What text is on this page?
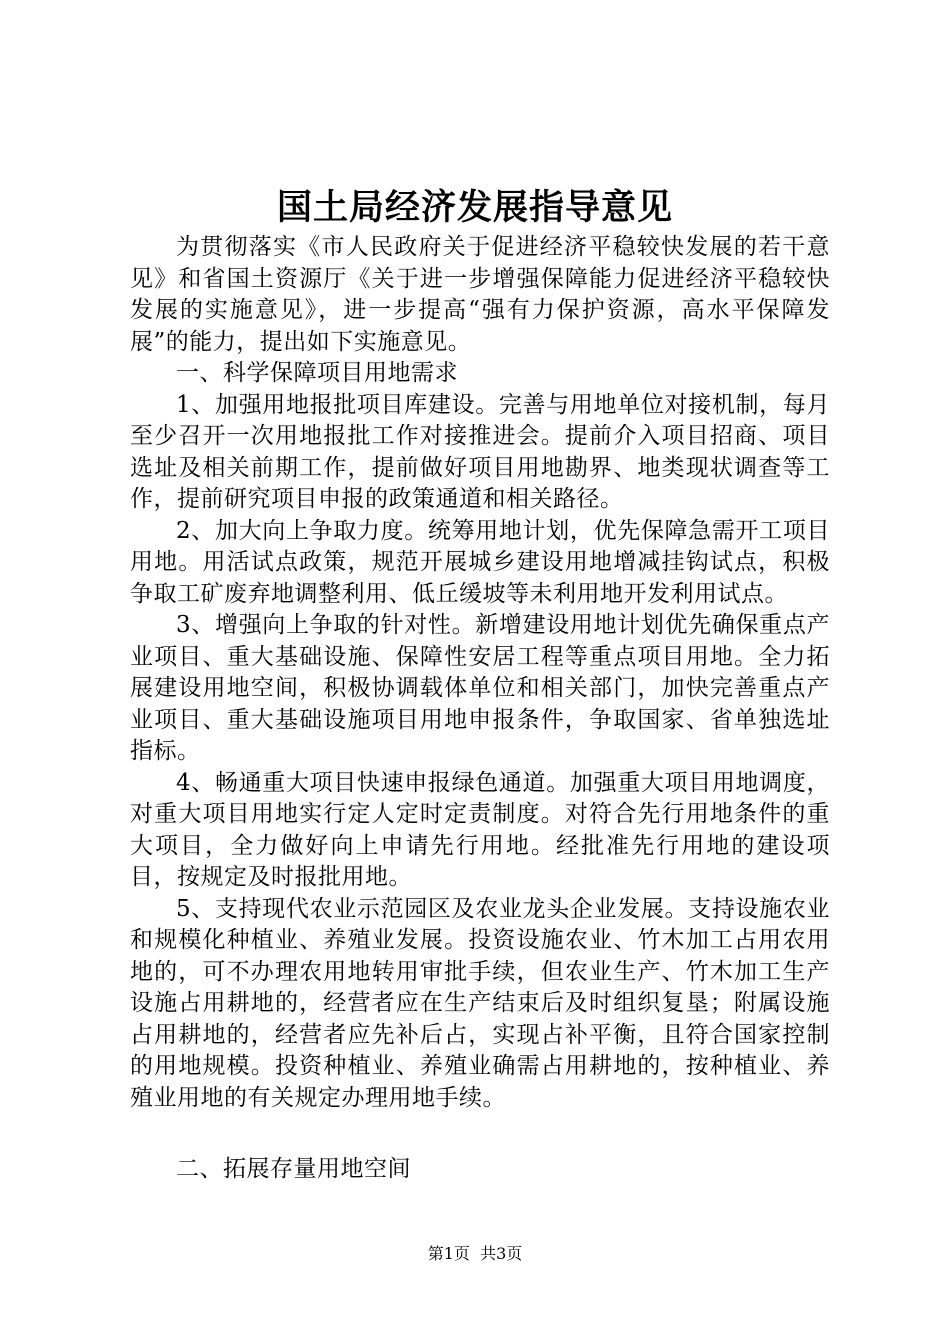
国土局经济发展指导意见

为贯彻落实《市人民政府关于促进经济平稳较快发展的若干意见》和省国土资源厅《关于进一步增强保障能力促进经济平稳较快发展的实施意见》，进一步提高“强有力保护资源，高水平保障发展”的能力，提出如下实施意见。

一、科学保障项目用地需求

1、加强用地报批项目库建设。完善与用地单位对接机制，每月至少召开一次用地报批工作对接推进会。提前介入项目招商、项目选址及相关前期工作，提前做好项目用地勘界、地类现状调查等工作，提前研究项目申报的政策通道和相关路径。

2、加大向上争取力度。统筹用地计划，优先保障急需开工项目用地。用活试点政策，规范开展城乡建设用地增减挂钩试点，积极争取工矿废弃地调整利用、低丘缓坡等未利用地开发利用试点。

3、增强向上争取的针对性。新增建设用地计划优先确保重点产业项目、重大基础设施、保障性安居工程等重点项目用地。全力拓展建设用地空间，积极协调载体单位和相关部门，加快完善重点产业项目、重大基础设施项目用地申报条件，争取国家、省单独选址指标。

4、畅通重大项目快速申报绿色通道。加强重大项目用地调度，对重大项目用地实行定人定时定责制度。对符合先行用地条件的重大项目，全力做好向上申请先行用地。经批准先行用地的建设项目，按规定及时报批用地。

5、支持现代农业示范园区及农业龙头企业发展。支持设施农业和规模化种植业、养殖业发展。投资设施农业、竹木加工占用农用地的，可不办理农用地转用审批手续，但农业生产、竹木加工生产设施占用耕地的，经营者应在生产结束后及时组织复垦；附属设施占用耕地的，经营者应先补后占，实现占补平衡，且符合国家控制的用地规模。投资种植业、养殖业确需占用耕地的，按种植业、养殖业用地的有关规定办理用地手续。

二、拓展存量用地空间

第1页  共3页
